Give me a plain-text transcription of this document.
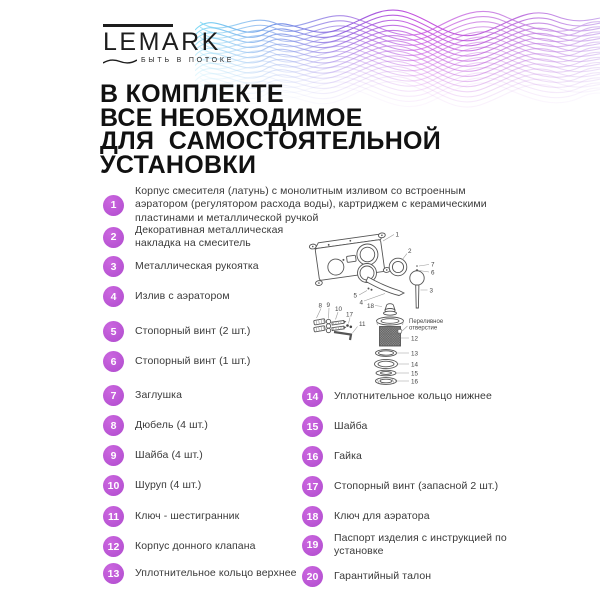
LEMARK
БЫТЬ В ПОТОКЕ
В КОМПЛЕКТЕ
ВСЕ НЕОБХОДИМОЕ
ДЛЯ  САМОСТОЯТЕЛЬНОЙ
УСТАНОВКИ
1
Корпус смесителя (латунь) с монолитным изливом со встроенным аэратором (регулятором расхода воды), картриджем с керамическими пластинами и металлической ручкой
2
Декоративная металлическая накладка на смеситель
3	Металлическая рукоятка
4	Излив с аэратором
5	Стопорный винт (2 шт.)
6	Стопорный винт (1 шт.)
7	Заглушка
8	Дюбель (4 шт.)
9	Шайба (4 шт.)
10	Шуруп (4 шт.)
11	Ключ - шестигранник
12	Корпус донного клапана
13	Уплотнительное кольцо верхнее
14	Уплотнительное кольцо нижнее
15	Шайба
16	Гайка
17	Стопорный винт (запасной 2 шт.)
18	Ключ для аэратора
19
Паспорт изделия с инструкцией по установке
20	Гарантийный талон
1
2
3
4
5
6
7
8 9
10
11
12
13
14
15
16
17
18
Переливное
отверстие
